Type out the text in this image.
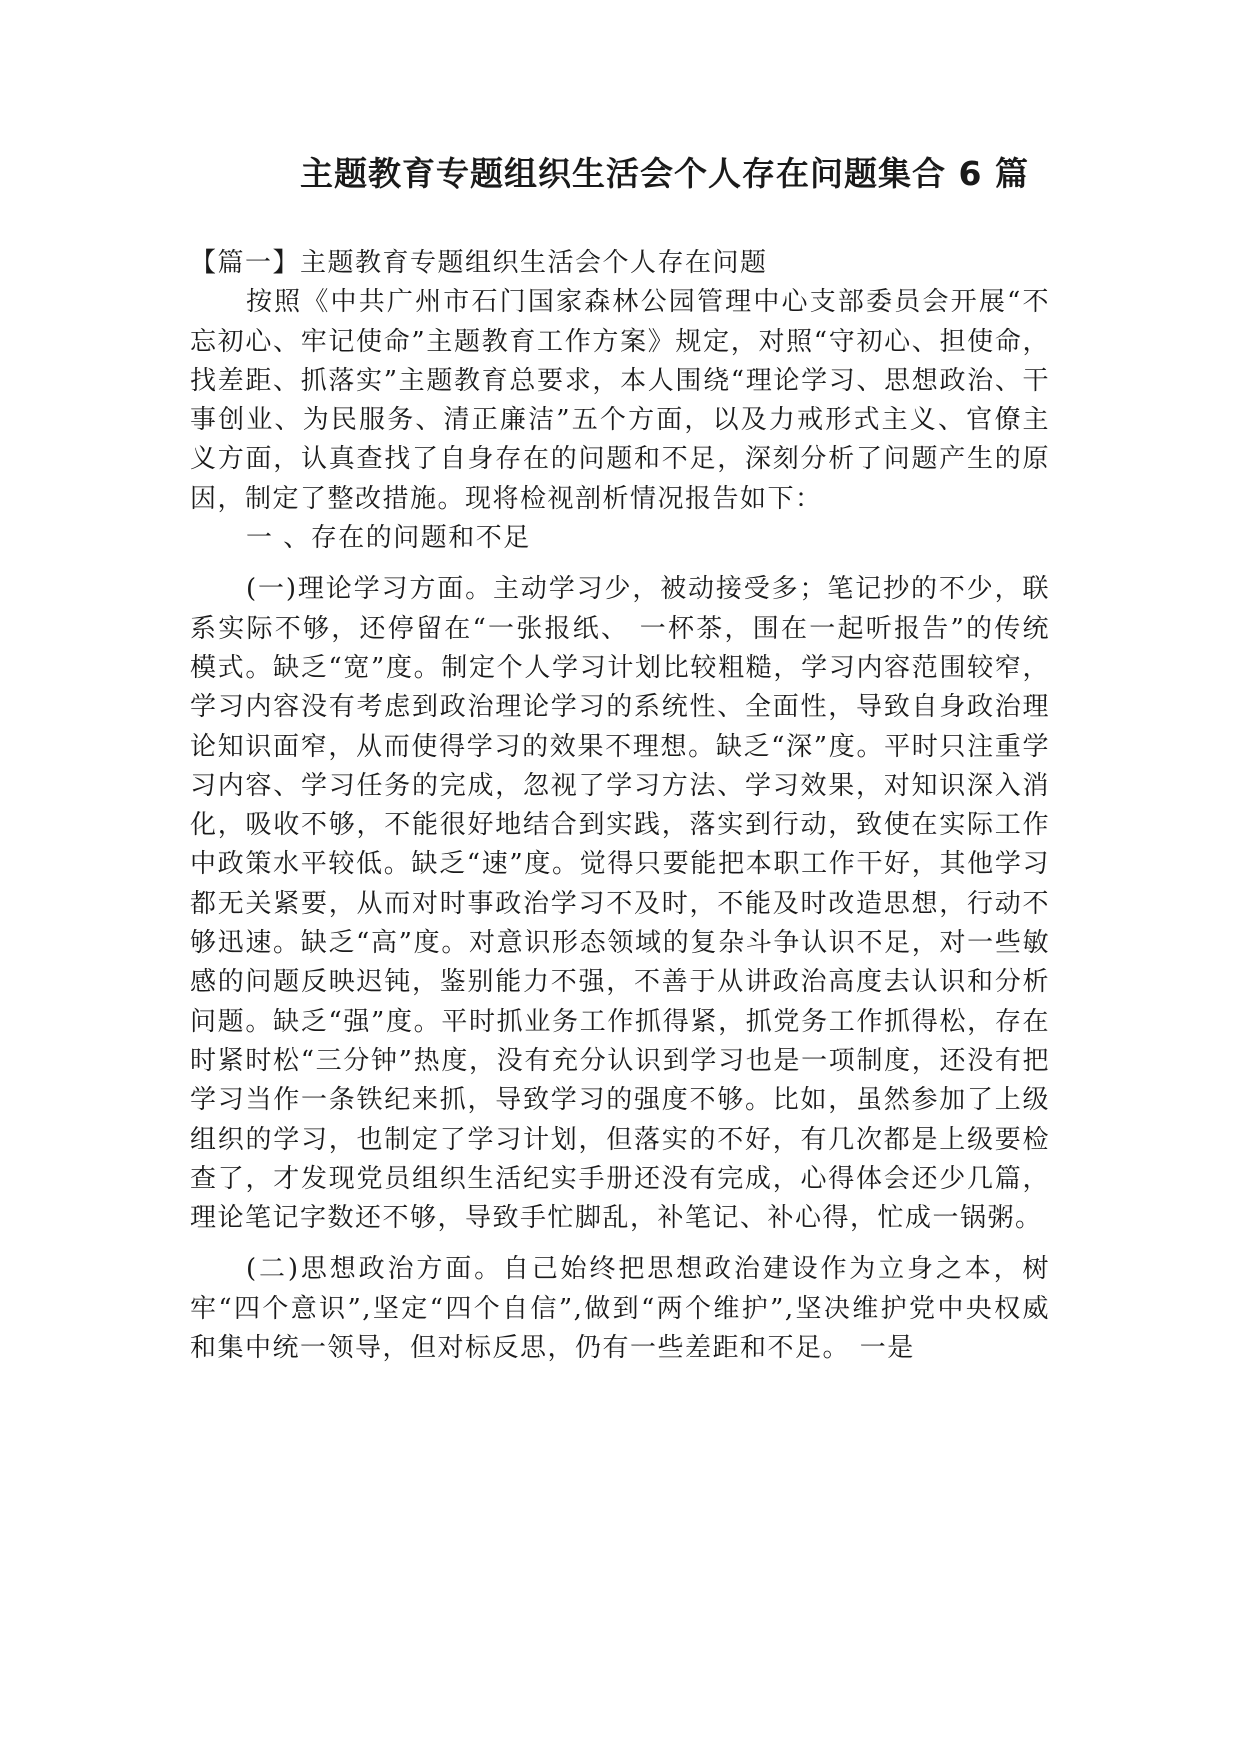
主题教育专题组织生活会个人存在问题集合 6 篇

【篇一】主题教育专题组织生活会个人存在问题

按照《中共广州市石门国家森林公园管理中心支部委员会开展“不忘初心、牢记使命”主题教育工作方案》规定，对照“守初心、担使命，找差距、抓落实”主题教育总要求，本人围绕“理论学习、思想政治、干事创业、为民服务、清正廉洁”五个方面，以及力戒形式主义、官僚主义方面，认真查找了自身存在的问题和不足，深刻分析了问题产生的原因，制定了整改措施。现将检视剖析情况报告如下：

一 、存在的问题和不足

(一)理论学习方面。主动学习少，被动接受多；笔记抄的不少，联系实际不够，还停留在“一张报纸、 一杯茶，围在一起听报告”的传统模式。缺乏“宽”度。制定个人学习计划比较粗糙，学习内容范围较窄，学习内容没有考虑到政治理论学习的系统性、全面性，导致自身政治理论知识面窄，从而使得学习的效果不理想。缺乏“深”度。平时只注重学习内容、学习任务的完成，忽视了学习方法、学习效果，对知识深入消化，吸收不够，不能很好地结合到实践，落实到行动，致使在实际工作中政策水平较低。缺乏“速”度。觉得只要能把本职工作干好，其他学习都无关紧要，从而对时事政治学习不及时，不能及时改造思想，行动不够迅速。缺乏“高”度。对意识形态领域的复杂斗争认识不足，对一些敏感的问题反映迟钝，鉴别能力不强，不善于从讲政治高度去认识和分析问题。缺乏“强”度。平时抓业务工作抓得紧，抓党务工作抓得松，存在时紧时松“三分钟”热度，没有充分认识到学习也是一项制度，还没有把学习当作一条铁纪来抓，导致学习的强度不够。比如，虽然参加了上级组织的学习，也制定了学习计划，但落实的不好，有几次都是上级要检查了，才发现党员组织生活纪实手册还没有完成，心得体会还少几篇，理论笔记字数还不够，导致手忙脚乱，补笔记、补心得，忙成一锅粥。

(二)思想政治方面。自己始终把思想政治建设作为立身之本，树牢“四个意识”,坚定“四个自信”,做到“两个维护”,坚决维护党中央权威和集中统一领导，但对标反思，仍有一些差距和不足。 一是
